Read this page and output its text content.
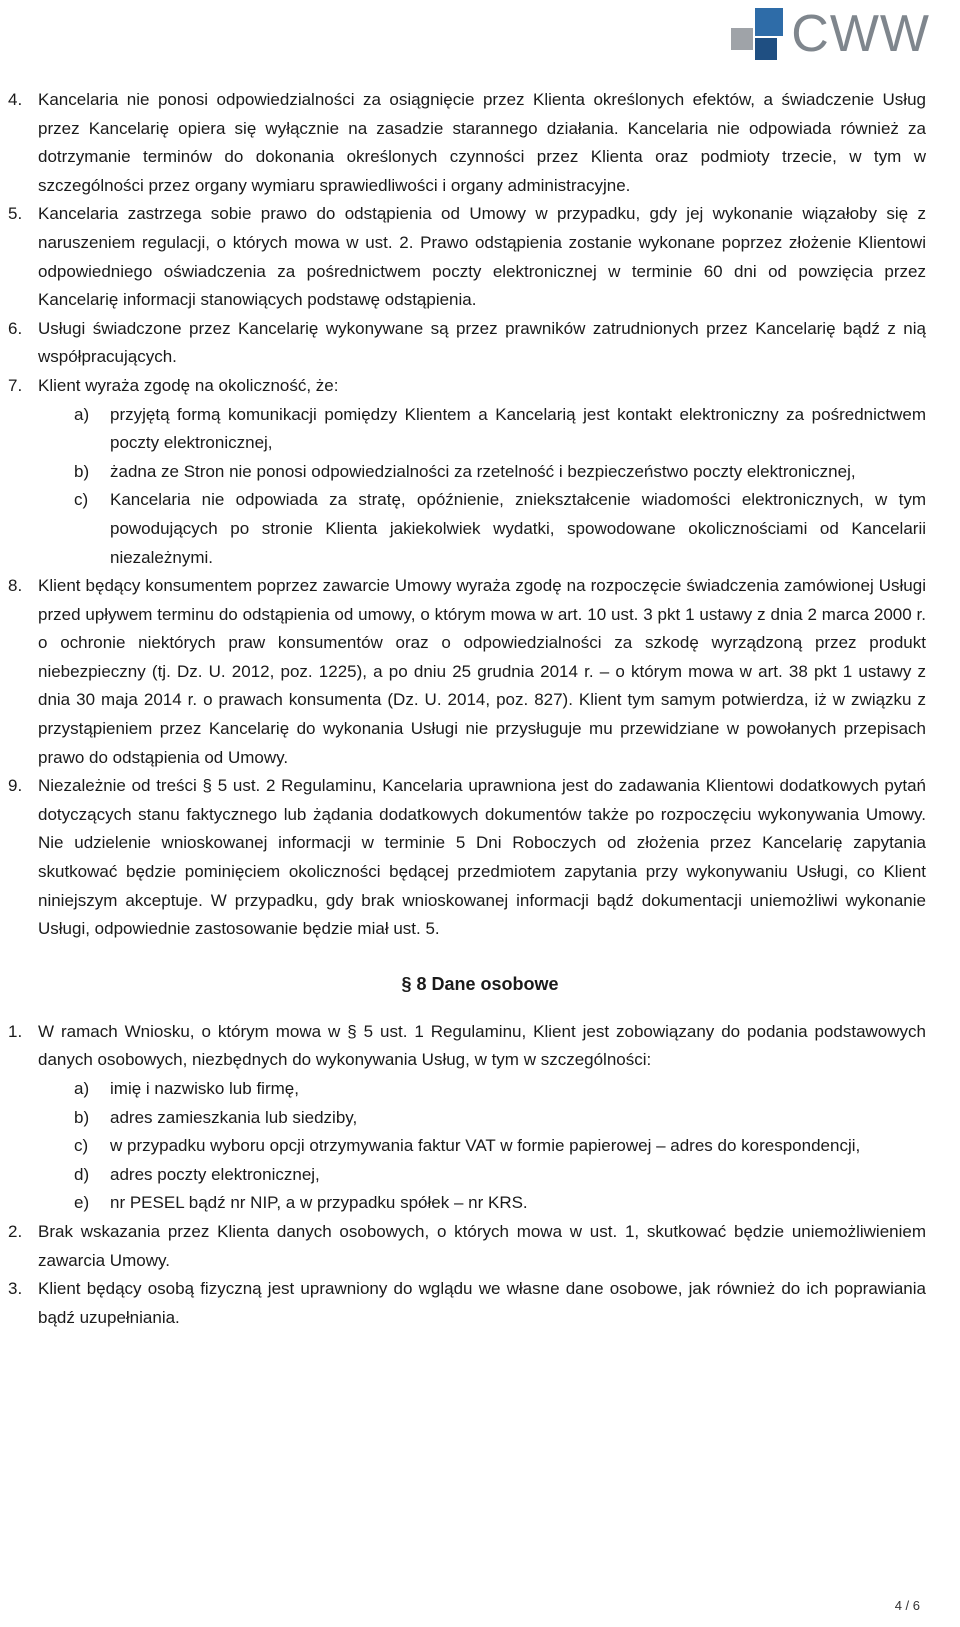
CWW
4. Kancelaria nie ponosi odpowiedzialności za osiągnięcie przez Klienta określonych efektów, a świadczenie Usług przez Kancelarię opiera się wyłącznie na zasadzie starannego działania. Kancelaria nie odpowiada również za dotrzymanie terminów do dokonania określonych czynności przez Klienta oraz podmioty trzecie, w tym w szczególności przez organy wymiaru sprawiedliwości i organy administracyjne.
5. Kancelaria zastrzega sobie prawo do odstąpienia od Umowy w przypadku, gdy jej wykonanie wiązałoby się z naruszeniem regulacji, o których mowa w ust. 2. Prawo odstąpienia zostanie wykonane poprzez złożenie Klientowi odpowiedniego oświadczenia za pośrednictwem poczty elektronicznej w terminie 60 dni od powzięcia przez Kancelarię informacji stanowiących podstawę odstąpienia.
6. Usługi świadczone przez Kancelarię wykonywane są przez prawników zatrudnionych przez Kancelarię bądź z nią współpracujących.
7. Klient wyraża zgodę na okoliczność, że:
a) przyjętą formą komunikacji pomiędzy Klientem a Kancelarią jest kontakt elektroniczny za pośrednictwem poczty elektronicznej,
b) żadna ze Stron nie ponosi odpowiedzialności za rzetelność i bezpieczeństwo poczty elektronicznej,
c) Kancelaria nie odpowiada za stratę, opóźnienie, zniekształcenie wiadomości elektronicznych, w tym powodujących po stronie Klienta jakiekolwiek wydatki, spowodowane okolicznościami od Kancelarii niezależnymi.
8. Klient będący konsumentem poprzez zawarcie Umowy wyraża zgodę na rozpoczęcie świadczenia zamówionej Usługi przed upływem terminu do odstąpienia od umowy, o którym mowa w art. 10 ust. 3 pkt 1 ustawy z dnia 2 marca 2000 r. o ochronie niektórych praw konsumentów oraz o odpowiedzialności za szkodę wyrządzoną przez produkt niebezpieczny (tj. Dz. U. 2012, poz. 1225), a po dniu 25 grudnia 2014 r. – o którym mowa w art. 38 pkt 1 ustawy z dnia 30 maja 2014 r. o prawach konsumenta (Dz. U. 2014, poz. 827). Klient tym samym potwierdza, iż w związku z przystąpieniem przez Kancelarię do wykonania Usługi nie przysługuje mu przewidziane w powołanych przepisach prawo do odstąpienia od Umowy.
9. Niezależnie od treści § 5 ust. 2 Regulaminu, Kancelaria uprawniona jest do zadawania Klientowi dodatkowych pytań dotyczących stanu faktycznego lub żądania dodatkowych dokumentów także po rozpoczęciu wykonywania Umowy. Nie udzielenie wnioskowanej informacji w terminie 5 Dni Roboczych od złożenia przez Kancelarię zapytania skutkować będzie pominięciem okoliczności będącej przedmiotem zapytania przy wykonywaniu Usługi, co Klient niniejszym akceptuje. W przypadku, gdy brak wnioskowanej informacji bądź dokumentacji uniemożliwi wykonanie Usługi, odpowiednie zastosowanie będzie miał ust. 5.
§ 8 Dane osobowe
1. W ramach Wniosku, o którym mowa w § 5 ust. 1 Regulaminu, Klient jest zobowiązany do podania podstawowych danych osobowych, niezbędnych do wykonywania Usług, w tym w szczególności:
a) imię i nazwisko lub firmę,
b) adres zamieszkania lub siedziby,
c) w przypadku wyboru opcji otrzymywania faktur VAT w formie papierowej – adres do korespondencji,
d) adres poczty elektronicznej,
e) nr PESEL bądź nr NIP, a w przypadku spółek – nr KRS.
2. Brak wskazania przez Klienta danych osobowych, o których mowa w ust. 1, skutkować będzie uniemożliwieniem zawarcia Umowy.
3. Klient będący osobą fizyczną jest uprawniony do wglądu we własne dane osobowe, jak również do ich poprawiania bądź uzupełniania.
4 / 6
